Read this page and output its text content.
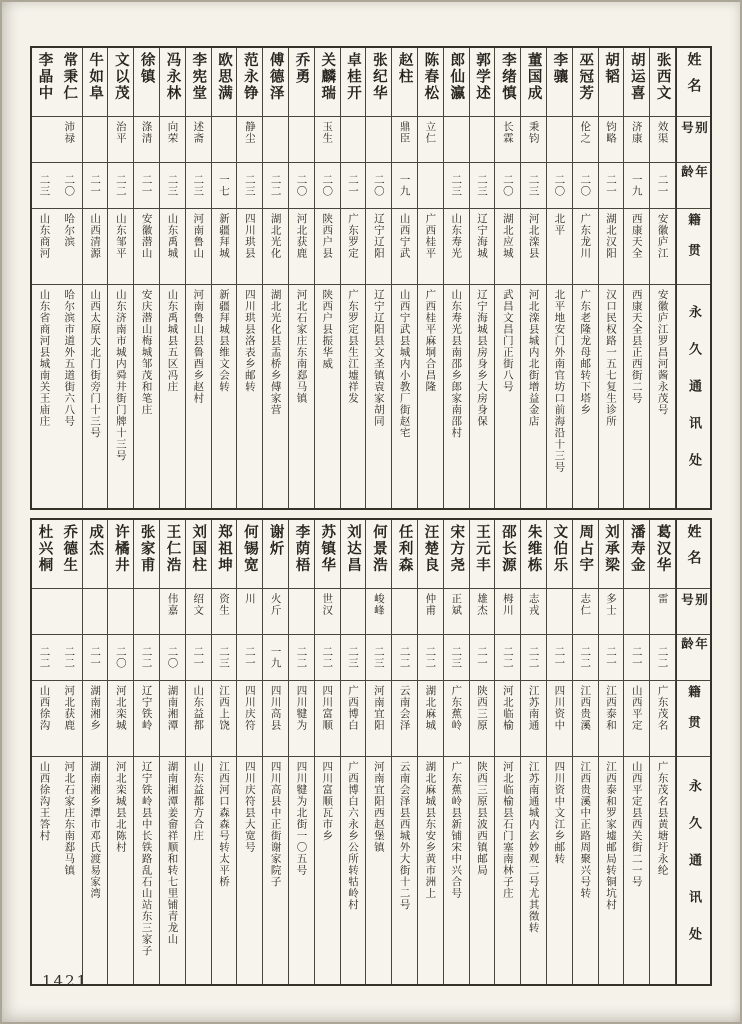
姓名
别号
年龄
籍贯
永久通讯处
张西文
效渠
二一
安徽庐江
安徽庐江罗昌河酱永茂号
胡运喜
济康
一九
西康天全
西康天全县正西街二号
胡韬
钧略
二一
湖北汉阳
汉口民权路一五七复生诊所
巫冠芳
伦之
二〇
广东龙川
广东老隆龙母邮转下塔乡
李骧
二〇
北平
北平地安门外南官坊口前海沿十三号
董国成
秉钧
二三
河北滦县
河北滦县城内北街增益金店
李绪慎
长霖
二〇
湖北应城
武昌文昌门正街八号
郭学述
二三
辽宁海城
辽宁海城县房身乡大房身保
郎仙瀛
二三
山东寿光
山东寿光县南邵乡郎家南邵村
陈春松
立仁
广西桂平
广西桂平麻垌合昌隆
赵柱
鼎臣
一九
山西宁武
山西宁武县城内小教厂街赵宅
张纪华
二〇
辽宁辽阳
辽宁辽阳县文圣镇袁家胡同
卓桂开
二一
广东罗定
广东罗定县生江墟祥发
关麟瑞
玉生
二〇
陕西户县
陕西户县振华威
乔勇
二〇
河北获鹿
河北石家庄东南郄马镇
傅德泽
二二
湖北光化
湖北光化县盂桥乡傅家营
范永铮
静尘
二三
四川珙县
四川珙县洛表乡邮转
欧思满
一七
新疆拜城
新疆拜城县维文会转
李宪堂
述斋
二三
河南鲁山
河南鲁山县鲁酉乡赵村
冯永林
向荣
二三
山东禹城
山东禹城县五区冯庄
徐镇
涤清
二一
安徽潜山
安庆潜山梅城邹茂和笔庄
文以茂
治平
二二
山东邹平
山东济南市城内舜井街门牌十三号
牛如阜
二一
山西清源
山西太原大北门街旁门十三号
常秉仁
沛禄
二〇
哈尔滨
哈尔滨市道外五道街六八号
李晶中
二三
山东商河
山东省商河县城南关王庙庄
姓名
别号
年龄
籍贯
永久通讯处
葛汉华
雷
二二
广东茂名
广东茂名县黄塘圩永纶
潘寿金
二一
山西平定
山西平定县西关街二一号
刘承梁
多士
二一
江西泰和
江西泰和罗家墟邮局转铜坑村
周占宇
志仁
二二
江西贵溪
江西贵溪中正路周聚兴号转
文伯乐
二一
四川资中
四川资中文江乡邮转
朱维栋
志戎
二二
江苏南通
江苏南通城内玄妙观二号尤其徵转
邵长源
栂川
二二
河北临榆
河北临榆县石门塞南林子庄
王元丰
雄杰
二一
陕西三原
陕西三原县波西镇邮局
宋方尧
正斌
二三
广东蕉岭
广东蕉岭县新铺宋中兴合号
汪楚良
仲甫
二二
湖北麻城
湖北麻城县东安乡黄市洲上
任利森
二二
云南会泽
云南会泽县西城外大街十二号
何景浩
峻峰
二三
河南宜阳
河南宜阳西赵堡镇
刘达昌
二三
广西博白
广西博白六永乡公所转牯岭村
苏镇华
世汉
二二
四川富顺
四川富顺瓦市乡
李荫梧
二二
四川犍为
四川犍为北街一〇五号
谢炘
火斤
一九
四川高县
四川高县中正街谢家院子
何锡宽
川
二一
四川庆符
四川庆符县大宽号
郑祖坤
资生
二三
江西上饶
江西河口森森号转太平桥
刘国柱
绍文
二一
山东益都
山东益都方合庄
王仁浩
伟嘉
二〇
湖南湘潭
湖南湘潭姜畲祥顺和转七里铺青龙山
张家甫
二二
辽宁铁岭
辽宁铁岭县中长铁路乱石山站东三家子
许橘井
二〇
河北栾城
河北栾城县北陈村
成杰
二一
湖南湘乡
湖南湘乡潭市邓氏渡易家湾
乔德生
二二
河北获鹿
河北石家庄东南郄马镇
杜兴桐
二二
山西徐沟
山西徐沟王答村
1421
